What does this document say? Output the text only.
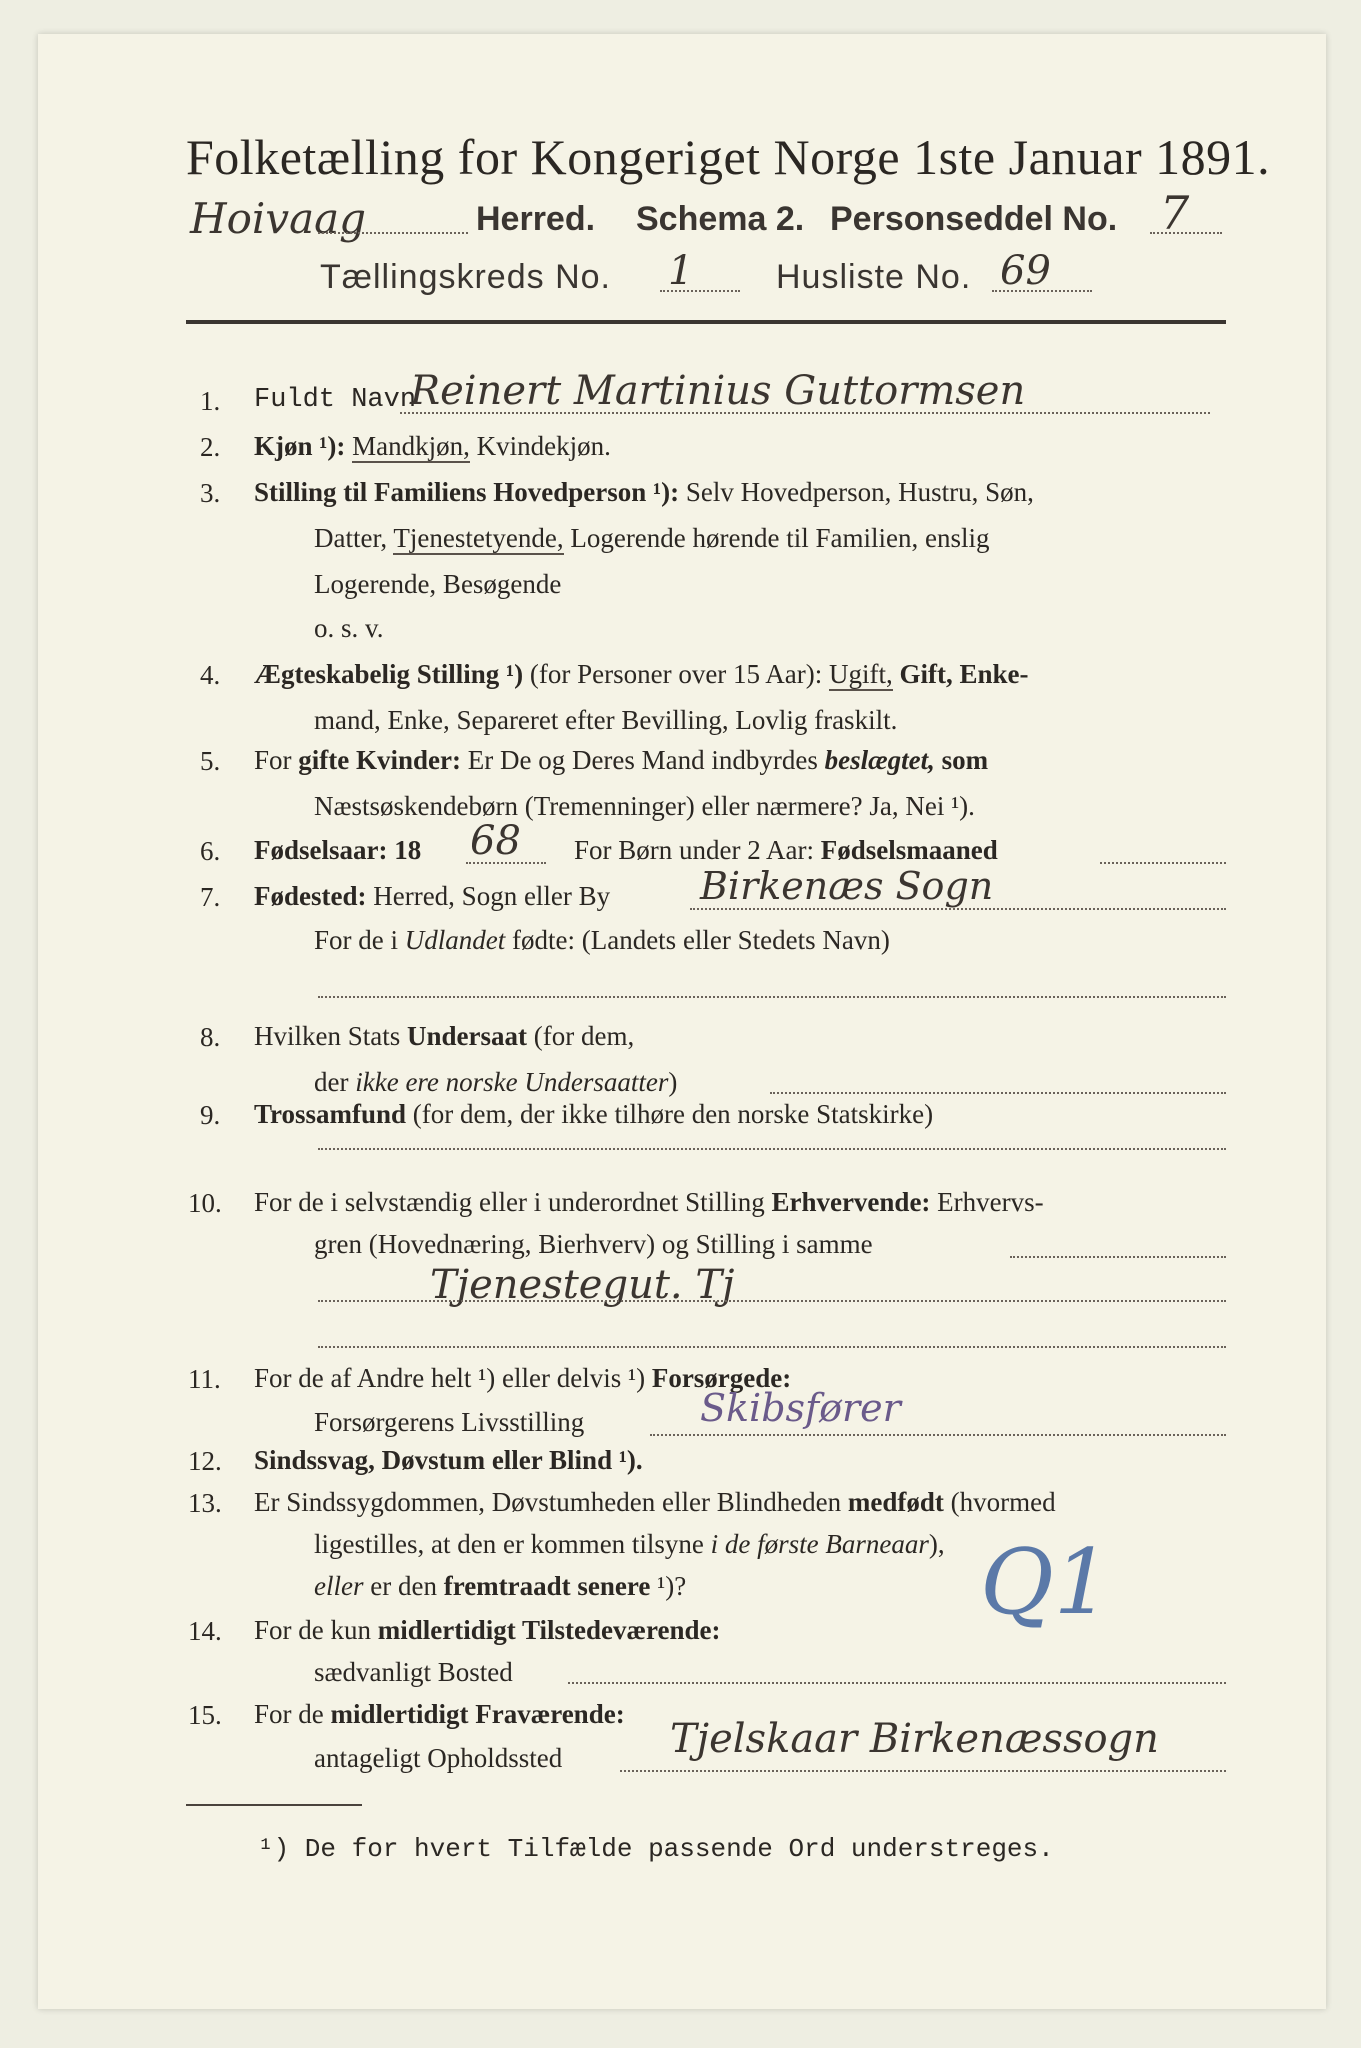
Folketælling for Kongeriget Norge 1ste Januar 1891.
Hoivaag	Herred. Schema 2. Personseddel No. 7
Tællingskreds No. 1 Husliste No. 69
1. Fuldt Navn
Reinert Martinius Guttormsen
2. Kjøn ¹): Mandkjøn, Kvindekjøn.
3. Stilling til Familiens Hovedperson ¹): Selv Hovedperson, Hustru, Søn,
Datter, Tjenestetyende, Logerende hørende til Familien, enslig
Logerende, Besøgende
o. s. v.
4. Ægteskabelig Stilling ¹) (for Personer over 15 Aar): Ugift, Gift, Enke-
mand, Enke, Separeret efter Bevilling, Lovlig fraskilt.
5. For gifte Kvinder: Er De og Deres Mand indbyrdes beslægtet, som
Næstsøskendebørn (Tremenninger) eller nærmere? Ja, Nei ¹).
6. Fødselsaar: 18 68 For Børn under 2 Aar: Fødselsmaaned
7. Fødested: Herred, Sogn eller By Birkenæs Sogn
For de i Udlandet fødte: (Landets eller Stedets Navn)
8. Hvilken Stats Undersaat (for dem,
der ikke ere norske Undersaatter)
9. Trossamfund (for dem, der ikke tilhøre den norske Statskirke)
10. For de i selvstændig eller i underordnet Stilling Erhvervende: Erhvervs-
gren (Hovednæring, Bierhverv) og Stilling i samme
Tjenestegut. Tj
11. For de af Andre helt ¹) eller delvis ¹) Forsørgede:
Forsørgerens Livsstilling	Skibsfører
12. Sindssvag, Døvstum eller Blind ¹).
13. Er Sindssygdommen, Døvstumheden eller Blindheden medfødt (hvormed
ligestilles, at den er kommen tilsyne i de første Barneaar),
eller er den fremtraadt senere ¹)?	Q1
14. For de kun midlertidigt Tilstedeværende:
sædvanligt Bosted
15. For de midlertidigt Fraværende:
antageligt Opholdssted	Tjelskaar Birkenæssogn
¹) De for hvert Tilfælde passende Ord understreges.
